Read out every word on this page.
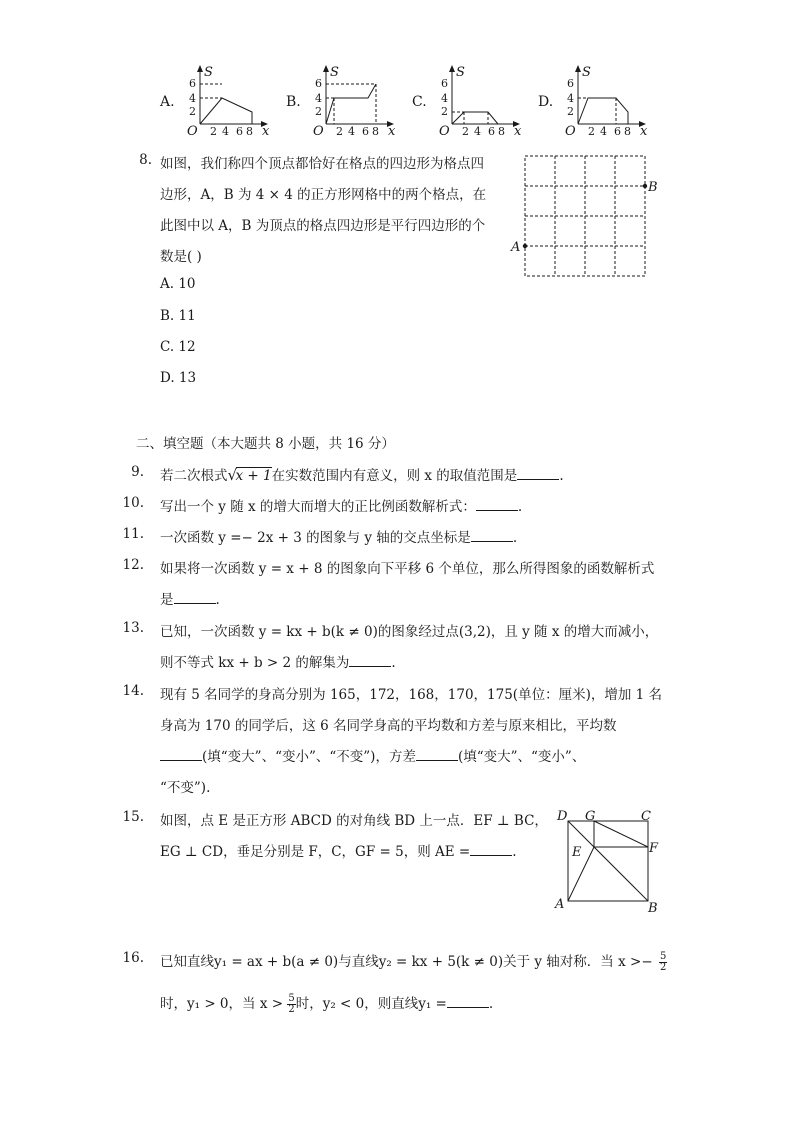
A.
S
x
O
6
4
2
2 4 6 8
B.
S
x
O
6
4
2
2 4 6 8
C.
S
x
O
6
4
2
2 4 6 8
D.
S
x
O
6
4
2
2 4 6 8
8. 如图，我们称四个顶点都恰好在格点的四边形为格点四
边形，A，B 为 4 × 4 的正方形网格中的两个格点，在
此图中以 A，B 为顶点的格点四边形是平行四边形的个
数是( )
A. 10
B. 11
C. 12
D. 13
A
B
二、填空题（本大题共 8 小题，共 16 分）
9. 若二次根式 √
x + 1在实数范围内有意义，则 x 的取值范围是	.
10. 写出一个 y 随 x 的增大而增大的正比例函数解析式：	.
11. 一次函数 y =− 2x + 3 的图象与 y 轴的交点坐标是	.
12. 如果将一次函数 y = x + 8 的图象向下平移 6 个单位，那么所得图象的函数解析式
是	.
13. 已知，一次函数 y = kx + b(k ≠ 0)的图象经过点(3,2)，且 y 随 x 的增大而减小，
则不等式 kx + b > 2 的解集为	.
14. 现有 5 名同学的身高分别为 165，172，168，170，175(单位：厘米)，增加 1 名
身高为 170 的同学后，这 6 名同学身高的平均数和方差与原来相比，平均数
(填“变大”、“变小”、“不变”)，方差	(填“变大”、“变小”、
“不变”).
15. 如图，点 E 是正方形 ABCD 的对角线 BD 上一点．EF ⊥ BC，
EG ⊥ CD，垂足分别是 F，C，GF = 5，则 AE =	.
D G	C
E	F
A	B
16. 已知直线y₁ = ax + b(a ≠ 0)与直线y₂ = kx + 5(k ≠ 0)关于 y 轴对称．当 $x >- \frac{5}{2}$
时，y₁ > 0，当 $x > \frac{5}{2}$ 时，y₂ < 0，则直线y₁ =	.
